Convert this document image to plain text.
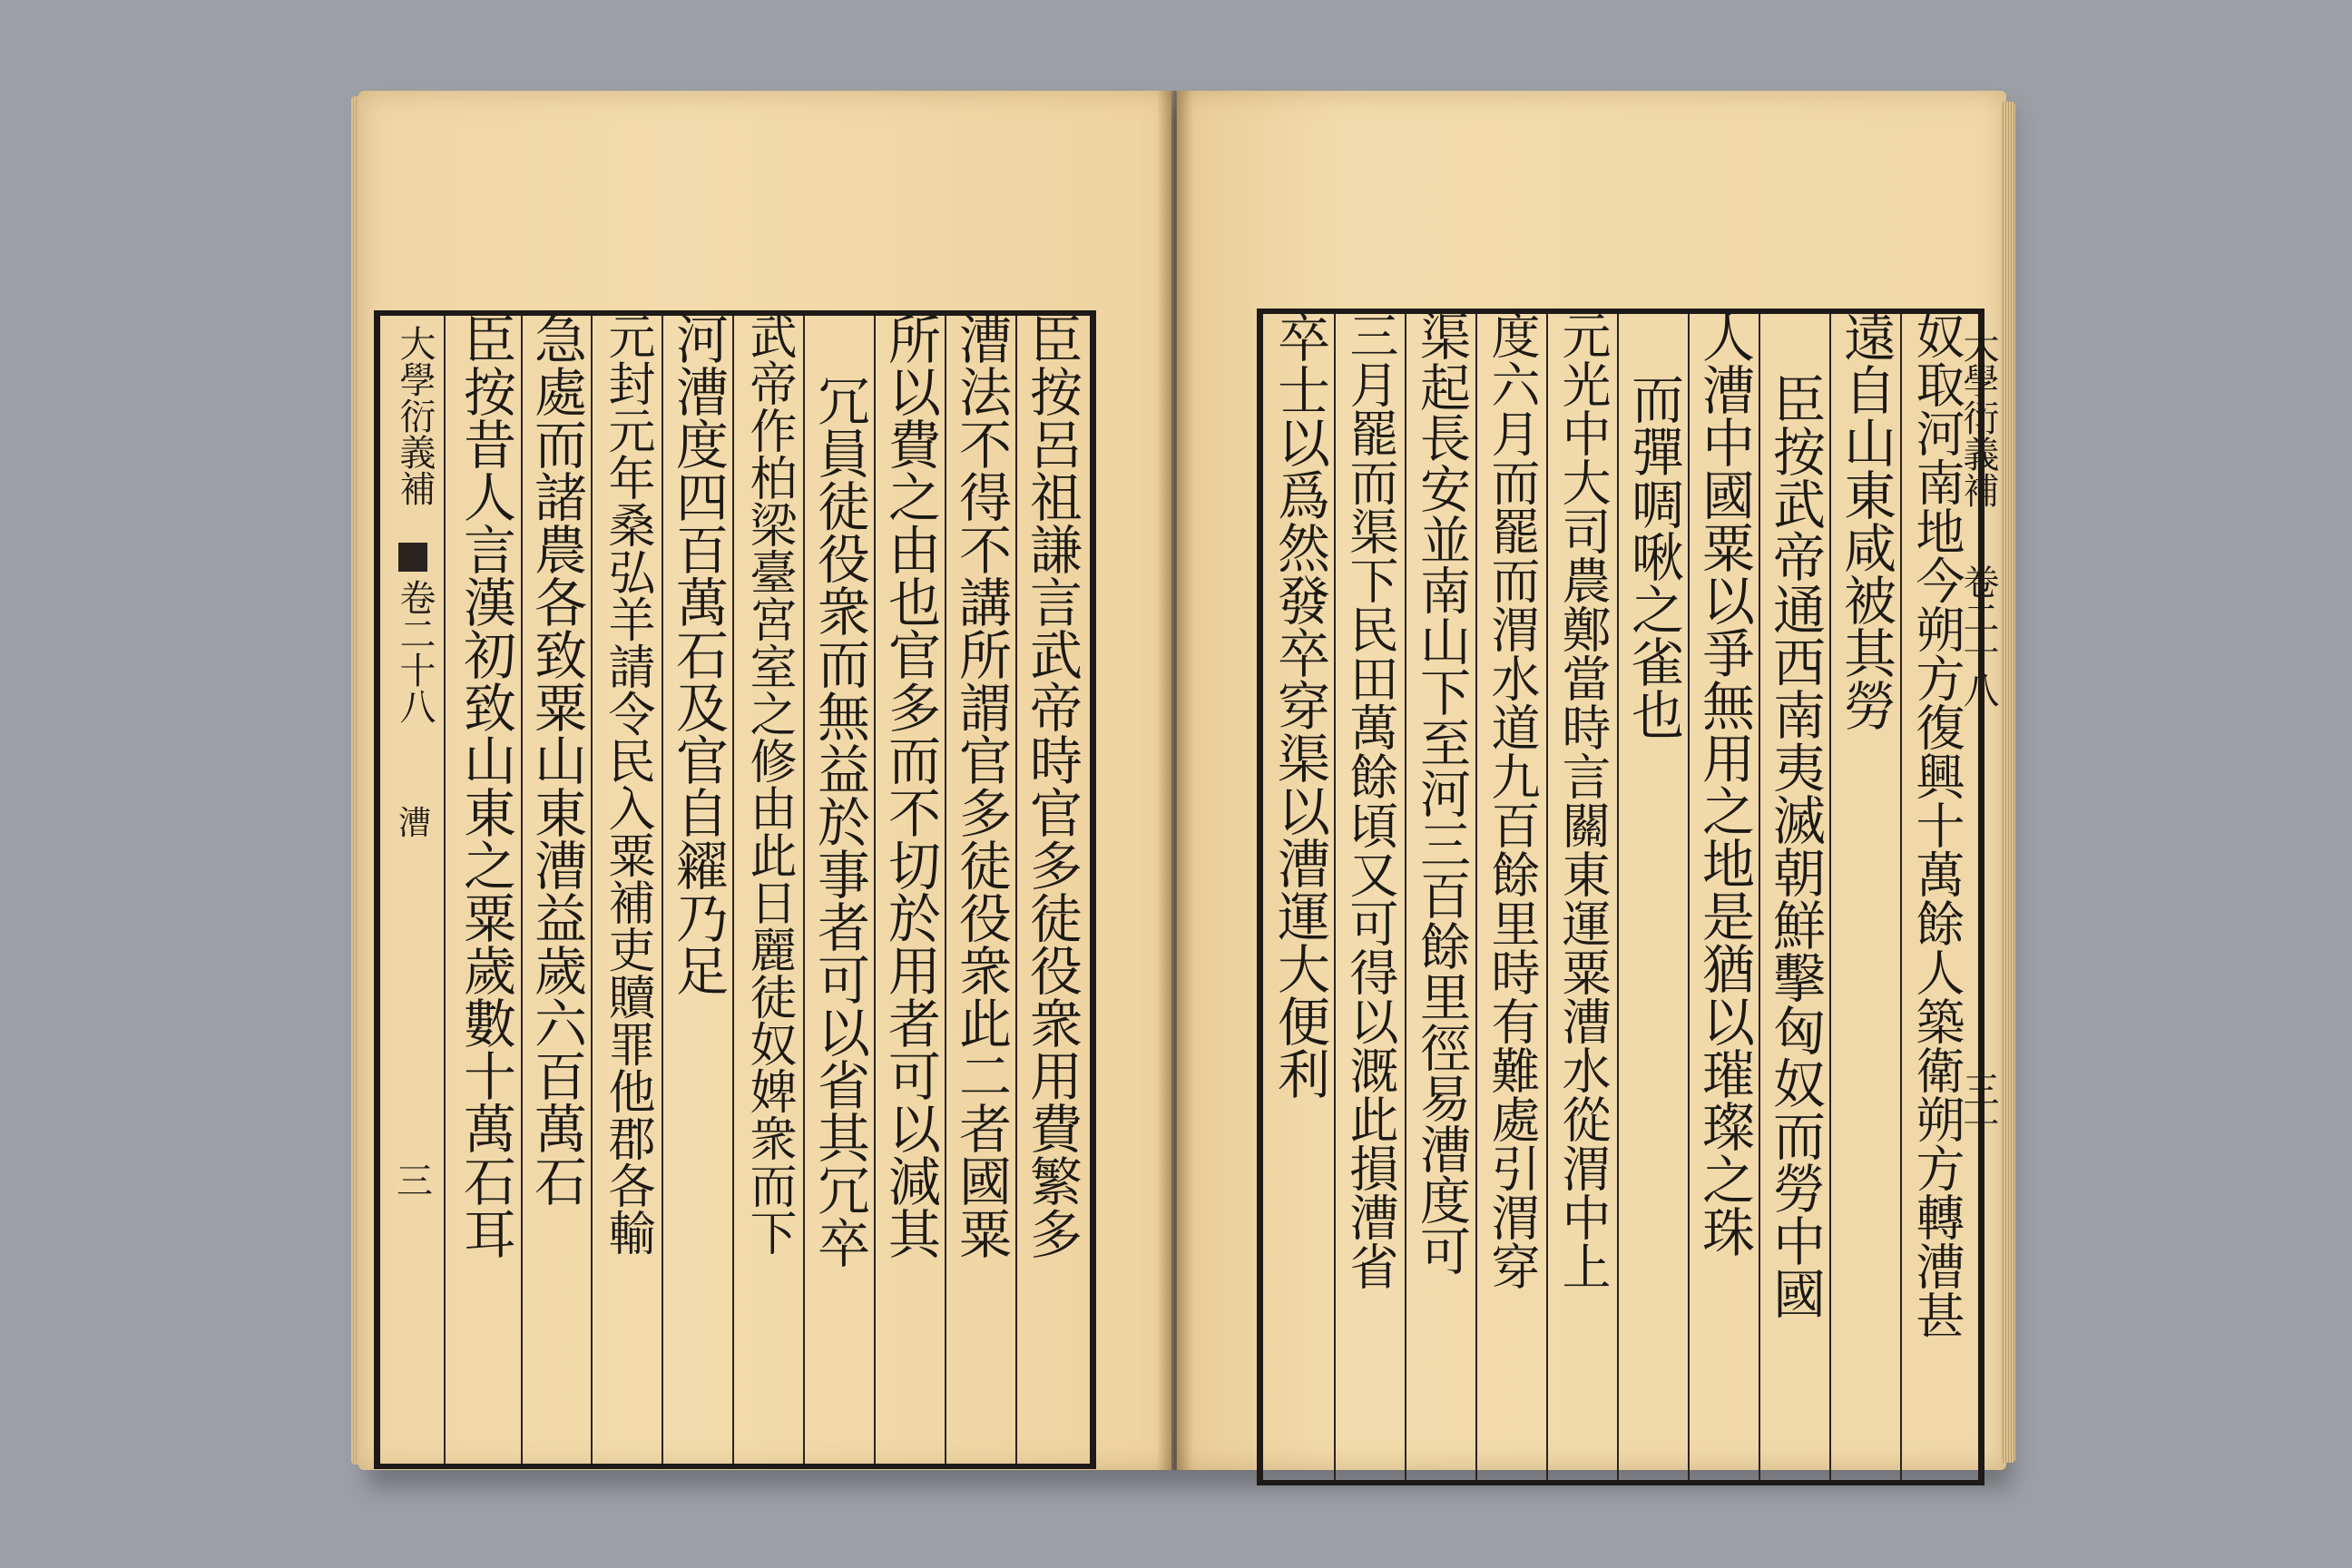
大學衍義補
卷二十八
漕
三	臣按呂祖謙言武帝時官多徒役衆用費繁多
漕法不得不講所謂官多徒役衆此二者國粟
所以費之由也官多而不切於用者可以減其
冗員徒役衆而無益於事者可以省其冗卒
武帝作柏梁臺宮室之修由此日麗徒奴婢衆而下
河漕度四百萬石及官自糴乃足
元封元年桑弘羊請令民入粟補吏贖罪他郡各輸
急處而諸農各致粟山東漕益歲六百萬石
臣按昔人言漢初致山東之粟歲數十萬石耳	奴取河南地今朔方復興十萬餘人築衛朔方轉漕甚
遠自山東咸被其勞
臣按武帝通西南夷滅朝鮮擊匈奴而勞中國
人漕中國粟以爭無用之地是猶以璀璨之珠
而彈啁啾之雀也
元光中大司農鄭當時言關東運粟漕水從渭中上
度六月而罷而渭水道九百餘里時有難處引渭穿
渠起長安並南山下至河三百餘里徑易漕度可
三月罷而渠下民田萬餘頃又可得以溉此損漕省
卒士以爲然發卒穿渠以漕運大便利	大學衍義補
卷二十八
三十
